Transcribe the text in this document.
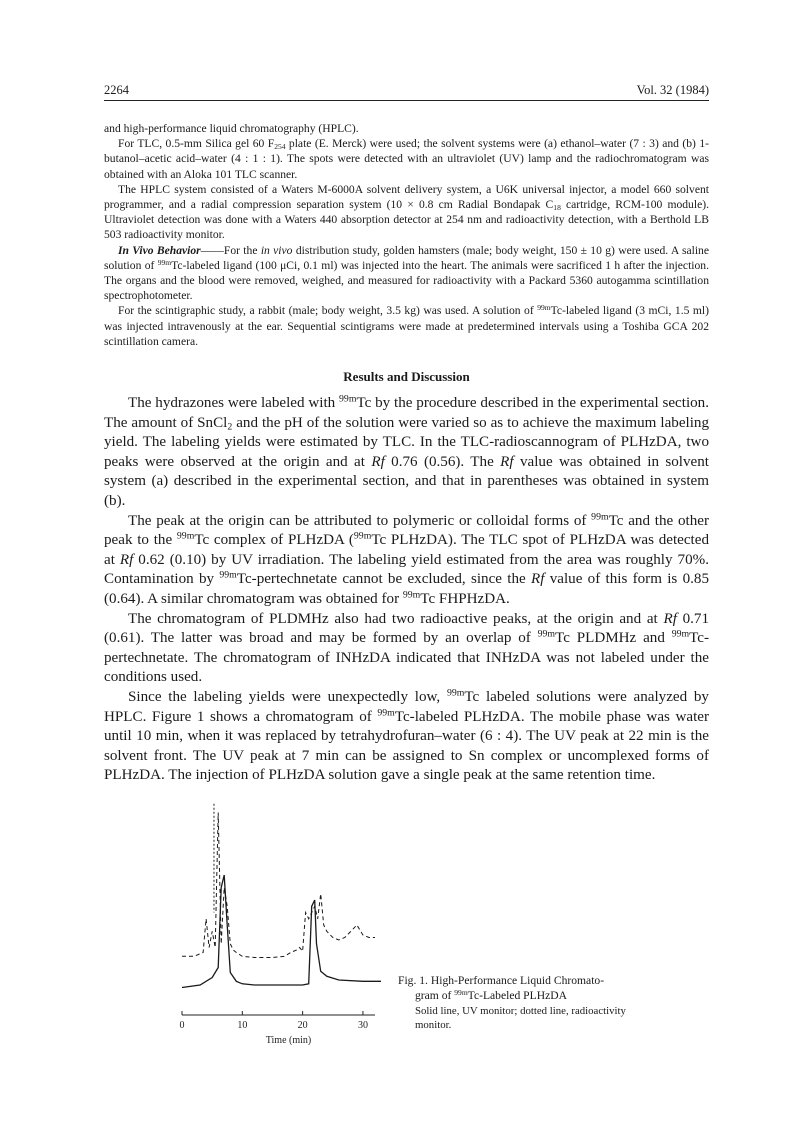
2264	Vol. 32 (1984)

and high-performance liquid chromatography (HPLC).

For TLC, 0.5-mm Silica gel 60 $F_{254}$ plate (E. Merck) were used; the solvent systems were (a) ethanol–water (7 : 3) and (b) 1-butanol–acetic acid–water (4 : 1 : 1). The spots were detected with an ultraviolet (UV) lamp and the radiochromatogram was obtained with an Aloka 101 TLC scanner.

The HPLC system consisted of a Waters M-6000A solvent delivery system, a U6K universal injector, a model 660 solvent programmer, and a radial compression separation system (10 × 0.8 cm Radial Bondapak $C_{18}$ cartridge, RCM-100 module). Ultraviolet detection was done with a Waters 440 absorption detector at 254 nm and radioactivity detection, with a Berthold LB 503 radioactivity monitor.

In Vivo Behavior——For the in vivo distribution study, golden hamsters (male; body weight, 150 ± 10 g) were used. A saline solution of $^{99m}$Tc-labeled ligand (100 μCi, 0.1 ml) was injected into the heart. The animals were sacrificed 1 h after the injection. The organs and the blood were removed, weighed, and measured for radioactivity with a Packard 5360 autogamma scintillation spectrophotometer.

For the scintigraphic study, a rabbit (male; body weight, 3.5 kg) was used. A solution of $^{99m}$Tc-labeled ligand (3 mCi, 1.5 ml) was injected intravenously at the ear. Sequential scintigrams were made at predetermined intervals using a Toshiba GCA 202 scintillation camera.

Results and Discussion

The hydrazones were labeled with $^{99m}$Tc by the procedure described in the experimental section. The amount of SnCl$_2$ and the pH of the solution were varied so as to achieve the maximum labeling yield. The labeling yields were estimated by TLC. In the TLC-radioscannogram of PLHzDA, two peaks were observed at the origin and at Rf 0.76 (0.56). The Rf value was obtained in solvent system (a) described in the experimental section, and that in parentheses was obtained in system (b).

The peak at the origin can be attributed to polymeric or colloidal forms of $^{99m}$Tc and the other peak to the $^{99m}$Tc complex of PLHzDA ($^{99m}$Tc PLHzDA). The TLC spot of PLHzDA was detected at Rf 0.62 (0.10) by UV irradiation. The labeling yield estimated from the area was roughly 70%. Contamination by $^{99m}$Tc-pertechnetate cannot be excluded, since the Rf value of this form is 0.85 (0.64). A similar chromatogram was obtained for $^{99m}$Tc FHPHzDA.

The chromatogram of PLDMHz also had two radioactive peaks, at the origin and at Rf 0.71 (0.61). The latter was broad and may be formed by an overlap of $^{99m}$Tc PLDMHz and $^{99m}$Tc-pertechnetate. The chromatogram of INHzDA indicated that INHzDA was not labeled under the conditions used.

Since the labeling yields were unexpectedly low, $^{99m}$Tc labeled solutions were analyzed by HPLC. Figure 1 shows a chromatogram of $^{99m}$Tc-labeled PLHzDA. The mobile phase was water until 10 min, when it was replaced by tetrahydrofuran–water (6 : 4). The UV peak at 22 min is the solvent front. The UV peak at 7 min can be assigned to Sn complex or uncomplexed forms of PLHzDA. The injection of PLHzDA solution gave a single peak at the same retention time.

0	10	20	30
Time (min)
Fig. 1. High-Performance Liquid Chromato-
gram of $^{99m}$Tc-Labeled PLHzDA
Solid line, UV monitor; dotted line, radioactivity
monitor.
